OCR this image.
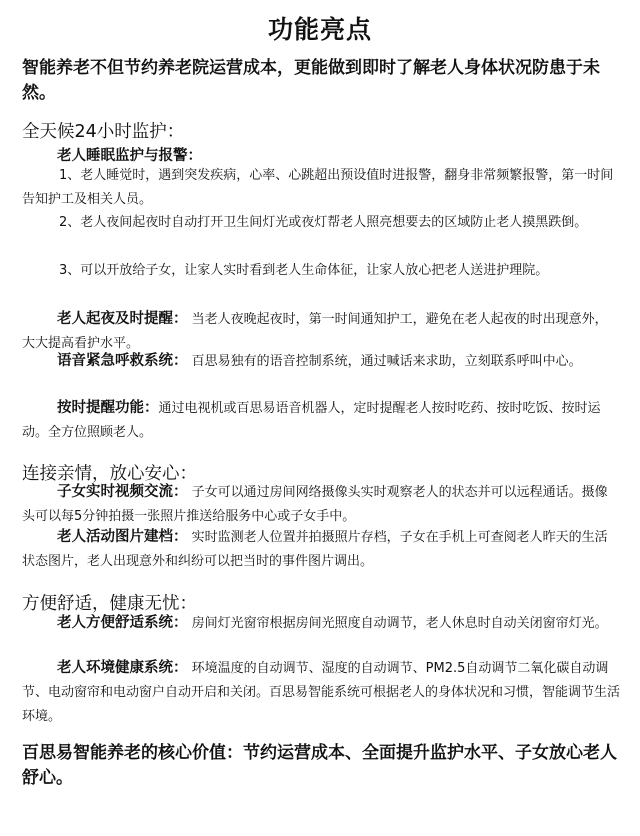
功能亮点
智能养老不但节约养老院运营成本，更能做到即时了解老人身体状况防患于未然。
全天候24小时监护：
老人睡眠监护与报警：
1、老人睡觉时，遇到突发疾病，心率、心跳超出预设值时进报警，翻身非常频繁报警，第一时间告知护工及相关人员。
2、老人夜间起夜时自动打开卫生间灯光或夜灯帮老人照亮想要去的区域防止老人摸黑跌倒。
3、可以开放给子女，让家人实时看到老人生命体征，让家人放心把老人送进护理院。
老人起夜及时提醒： 当老人夜晚起夜时，第一时间通知护工，避免在老人起夜的时出现意外，大大提高看护水平。
语音紧急呼救系统： 百思易独有的语音控制系统，通过喊话来求助，立刻联系呼叫中心。
按时提醒功能：通过电视机或百思易语音机器人，定时提醒老人按时吃药、按时吃饭、按时运动。全方位照顾老人。
连接亲情，放心安心：
子女实时视频交流： 子女可以通过房间网络摄像头实时观察老人的状态并可以远程通话。摄像头可以每5分钟拍摄一张照片推送给服务中心或子女手中。
老人活动图片建档： 实时监测老人位置并拍摄照片存档，子女在手机上可查阅老人昨天的生活状态图片，老人出现意外和纠纷可以把当时的事件图片调出。
方便舒适，健康无忧：
老人方便舒适系统： 房间灯光窗帘根据房间光照度自动调节，老人休息时自动关闭窗帘灯光。
老人环境健康系统： 环境温度的自动调节、湿度的自动调节、PM2.5自动调节二氧化碳自动调节、电动窗帘和电动窗户自动开启和关闭。百思易智能系统可根据老人的身体状况和习惯，智能调节生活环境。
百思易智能养老的核心价值：节约运营成本、全面提升监护水平、子女放心老人舒心。
